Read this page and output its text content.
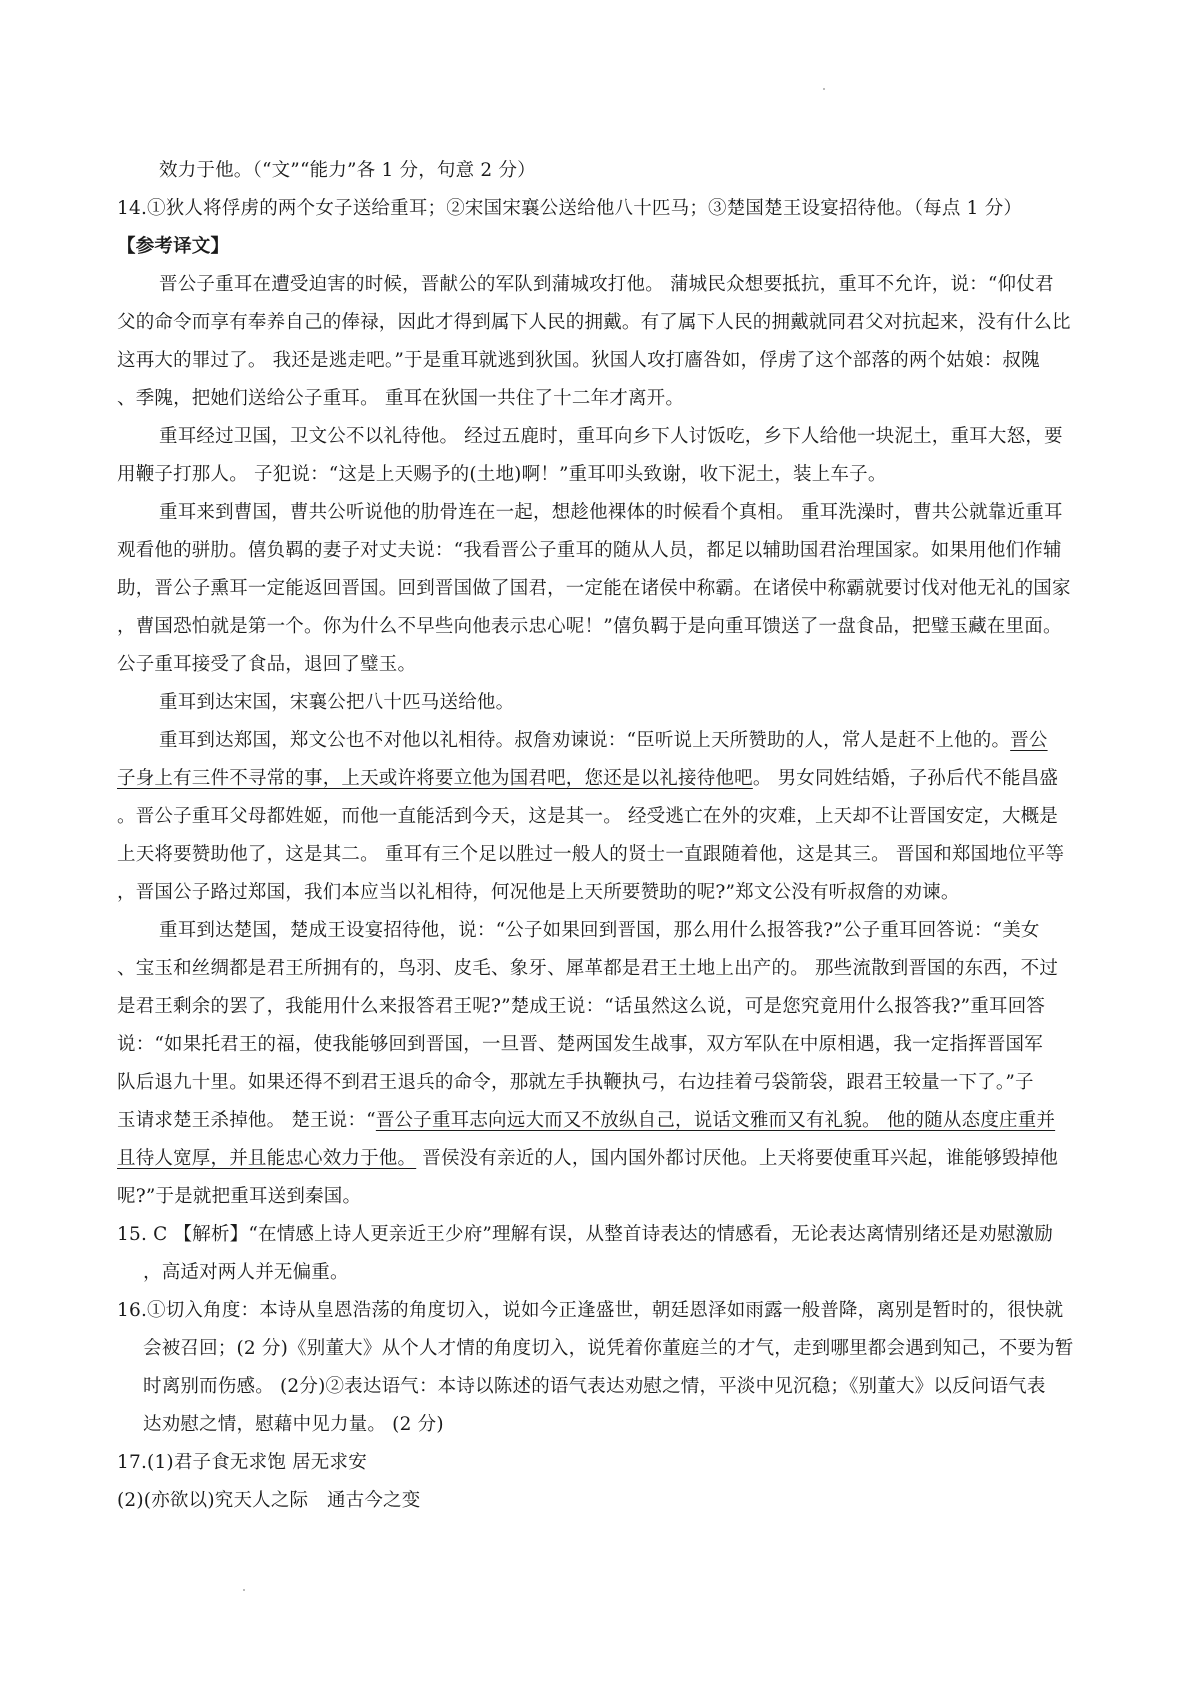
效力于他。（“文”“能力”各 1 分，句意 2 分）
14.①狄人将俘虏的两个女子送给重耳；②宋国宋襄公送给他八十匹马；③楚国楚王设宴招待他。（每点 1 分）
【参考译文】
晋公子重耳在遭受迫害的时候，晋献公的军队到蒲城攻打他。 蒲城民众想要抵抗，重耳不允许，说：“仰仗君
父的命令而享有奉养自己的俸禄，因此才得到属下人民的拥戴。有了属下人民的拥戴就同君父对抗起来，没有什么比
这再大的罪过了。 我还是逃走吧。”于是重耳就逃到狄国。狄国人攻打廧咎如，俘虏了这个部落的两个姑娘：叔隗
、季隗，把她们送给公子重耳。 重耳在狄国一共住了十二年才离开。
重耳经过卫国，卫文公不以礼待他。 经过五鹿时，重耳向乡下人讨饭吃，乡下人给他一块泥土，重耳大怒，要
用鞭子打那人。 子犯说：“这是上天赐予的(土地)啊！”重耳叩头致谢，收下泥土，装上车子。
重耳来到曹国，曹共公听说他的肋骨连在一起，想趁他裸体的时候看个真相。 重耳洗澡时，曹共公就靠近重耳
观看他的骈肋。僖负羁的妻子对丈夫说：“我看晋公子重耳的随从人员，都足以辅助国君治理国家。如果用他们作辅
助，晋公子熏耳一定能返回晋国。回到晋国做了国君，一定能在诸侯中称霸。在诸侯中称霸就要讨伐对他无礼的国家
，曹国恐怕就是第一个。你为什么不早些向他表示忠心呢！”僖负羁于是向重耳馈送了一盘食品，把璧玉藏在里面。
公子重耳接受了食品，退回了璧玉。
重耳到达宋国，宋襄公把八十匹马送给他。
重耳到达郑国，郑文公也不对他以礼相待。叔詹劝谏说：“臣听说上天所赞助的人，常人是赶不上他的。晋公
子身上有三件不寻常的事，上天或许将要立他为国君吧，您还是以礼接待他吧。 男女同姓结婚，子孙后代不能昌盛
。晋公子重耳父母都姓姬，而他一直能活到今天，这是其一。 经受逃亡在外的灾难，上天却不让晋国安定，大概是
上天将要赞助他了，这是其二。 重耳有三个足以胜过一般人的贤士一直跟随着他，这是其三。 晋国和郑国地位平等
，晋国公子路过郑国，我们本应当以礼相待，何况他是上天所要赞助的呢?”郑文公没有听叔詹的劝谏。
重耳到达楚国，楚成王设宴招待他，说：“公子如果回到晋国，那么用什么报答我?”公子重耳回答说：“美女
、宝玉和丝绸都是君王所拥有的，鸟羽、皮毛、象牙、犀革都是君王土地上出产的。 那些流散到晋国的东西，不过
是君王剩余的罢了，我能用什么来报答君王呢?”楚成王说：“话虽然这么说，可是您究竟用什么报答我?”重耳回答
说：“如果托君王的福，使我能够回到晋国，一旦晋、楚两国发生战事，双方军队在中原相遇，我一定指挥晋国军
队后退九十里。如果还得不到君王退兵的命令，那就左手执鞭执弓，右边挂着弓袋箭袋，跟君王较量一下了。”子
玉请求楚王杀掉他。 楚王说：“晋公子重耳志向远大而又不放纵自己，说话文雅而又有礼貌。 他的随从态度庄重并
且待人宽厚，并且能忠心效力于他。 晋侯没有亲近的人，国内国外都讨厌他。上天将要使重耳兴起，谁能够毁掉他
呢?”于是就把重耳送到秦国。
15. C 【解析】“在情感上诗人更亲近王少府”理解有误，从整首诗表达的情感看，无论表达离情别绪还是劝慰激励
，高适对两人并无偏重。
16.①切入角度：本诗从皇恩浩荡的角度切入，说如今正逢盛世，朝廷恩泽如雨露一般普降，离别是暂时的，很快就
会被召回；(2 分)《别董大》从个人才情的角度切入，说凭着你董庭兰的才气，走到哪里都会遇到知己，不要为暂
时离别而伤感。 (2分)②表达语气：本诗以陈述的语气表达劝慰之情，平淡中见沉稳；《别董大》以反问语气表
达劝慰之情，慰藉中见力量。 (2 分)
17.(1)君子食无求饱 居无求安
(2)(亦欲以)究天人之际　通古今之变
